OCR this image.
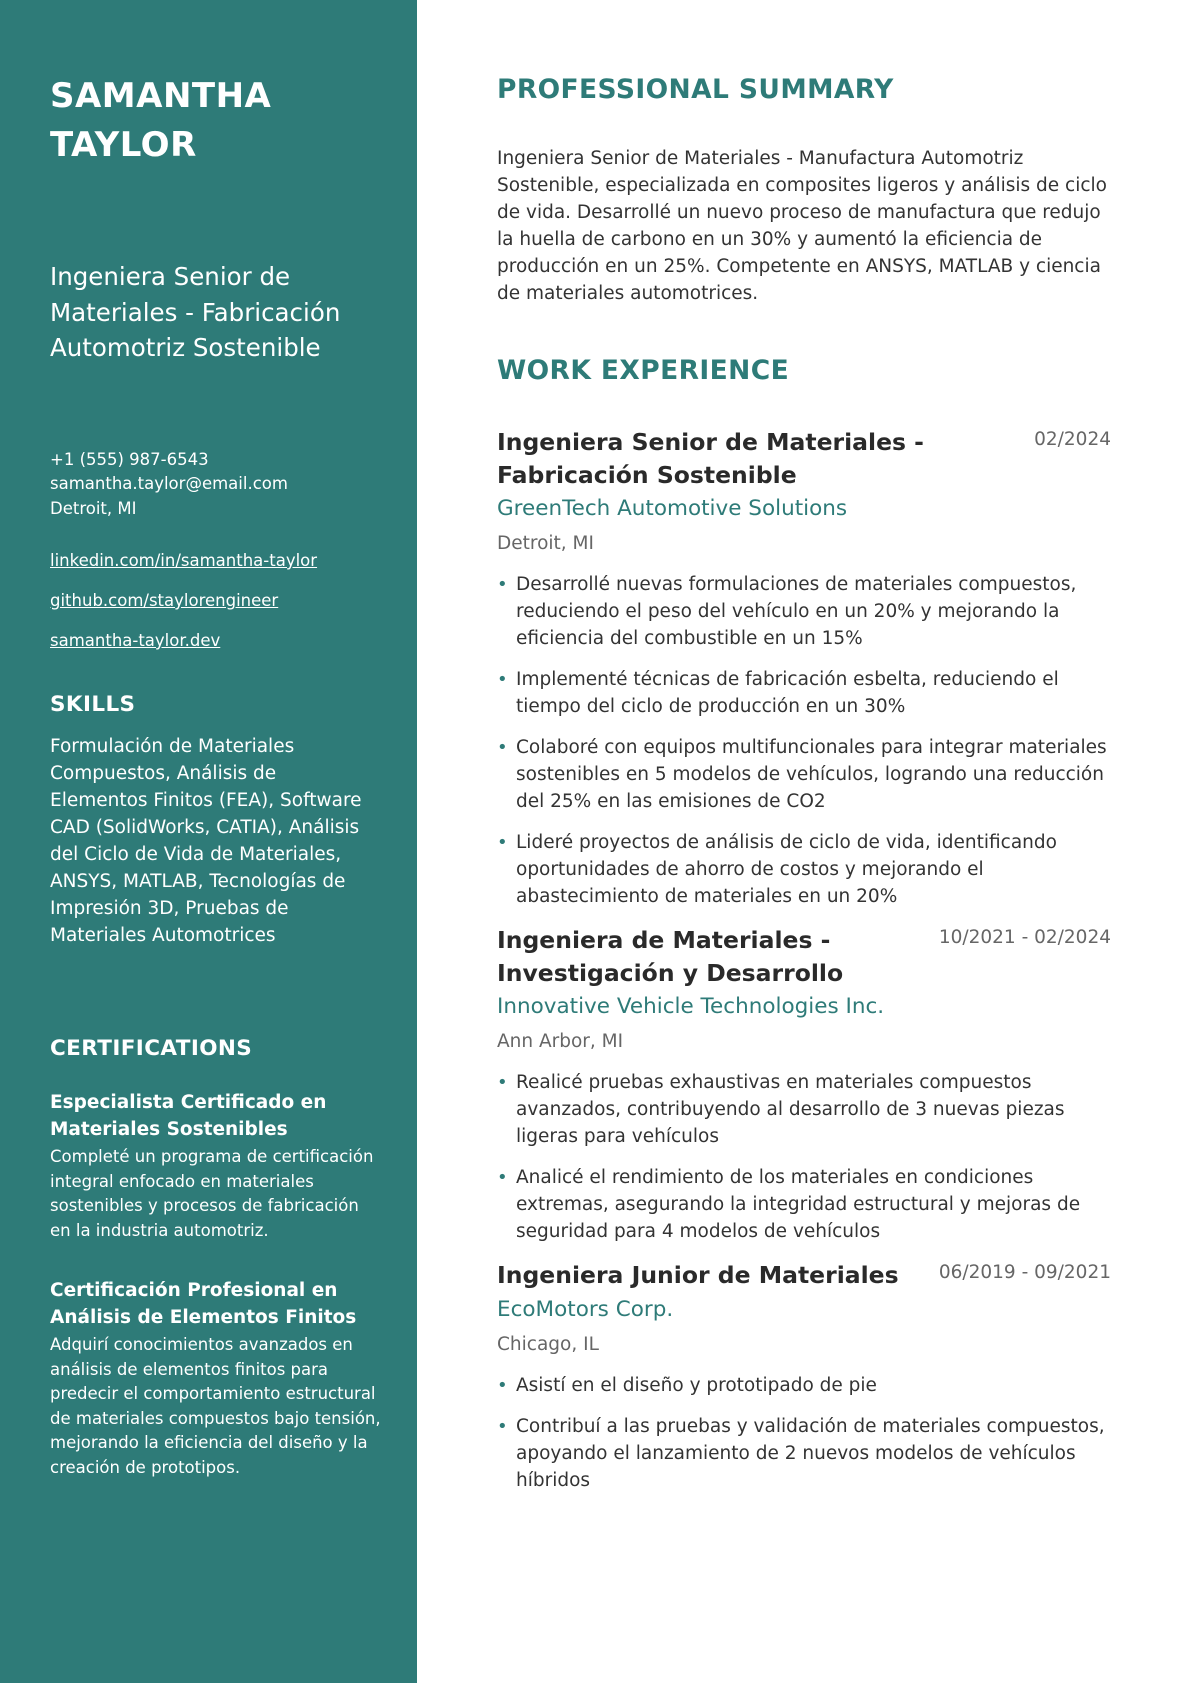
SAMANTHA
TAYLOR
Ingeniera Senior de Materiales - Fabricación Automotriz Sostenible
+1 (555) 987-6543
samantha.taylor@email.com
Detroit, MI
linkedin.com/in/samantha-taylor
github.com/staylorengineer
samantha-taylor.dev
SKILLS

Formulación de Materiales Compuestos, Análisis de Elementos Finitos (FEA), Software CAD (SolidWorks, CATIA), Análisis del Ciclo de Vida de Materiales, ANSYS, MATLAB, Tecnologías de Impresión 3D, Pruebas de Materiales Automotrices

CERTIFICATIONS
Especialista Certificado en Materiales Sostenibles
Completé un programa de certificación integral enfocado en materiales sostenibles y procesos de fabricación en la industria automotriz.
Certificación Profesional en Análisis de Elementos Finitos
Adquirí conocimientos avanzados en análisis de elementos finitos para predecir el comportamiento estructural de materiales compuestos bajo tensión, mejorando la eficiencia del diseño y la creación de prototipos.
PROFESSIONAL SUMMARY

Ingeniera Senior de Materiales - Manufactura Automotriz Sostenible, especializada en composites ligeros y análisis de ciclo de vida. Desarrollé un nuevo proceso de manufactura que redujo la huella de carbono en un 30% y aumentó la eficiencia de producción en un 25%. Competente en ANSYS, MATLAB y ciencia de materiales automotrices.

WORK EXPERIENCE
Ingeniera Senior de Materiales - Fabricación Sostenible
02/2024
GreenTech Automotive Solutions
Detroit, MI
• Desarrollé nuevas formulaciones de materiales compuestos, reduciendo el peso del vehículo en un 20% y mejorando la eficiencia del combustible en un 15%
• Implementé técnicas de fabricación esbelta, reduciendo el tiempo del ciclo de producción en un 30%
• Colaboré con equipos multifuncionales para integrar materiales sostenibles en 5 modelos de vehículos, logrando una reducción del 25% en las emisiones de CO2
• Lideré proyectos de análisis de ciclo de vida, identificando oportunidades de ahorro de costos y mejorando el abastecimiento de materiales en un 20%
Ingeniera de Materiales - Investigación y Desarrollo
10/2021 - 02/2024
Innovative Vehicle Technologies Inc.
Ann Arbor, MI
• Realicé pruebas exhaustivas en materiales compuestos avanzados, contribuyendo al desarrollo de 3 nuevas piezas ligeras para vehículos
• Analicé el rendimiento de los materiales en condiciones extremas, asegurando la integridad estructural y mejoras de seguridad para 4 modelos de vehículos
Ingeniera Junior de Materiales 06/2019 - 09/2021
EcoMotors Corp.
Chicago, IL
• Asistí en el diseño y prototipado de pie
• Contribuí a las pruebas y validación de materiales compuestos, apoyando el lanzamiento de 2 nuevos modelos de vehículos híbridos
